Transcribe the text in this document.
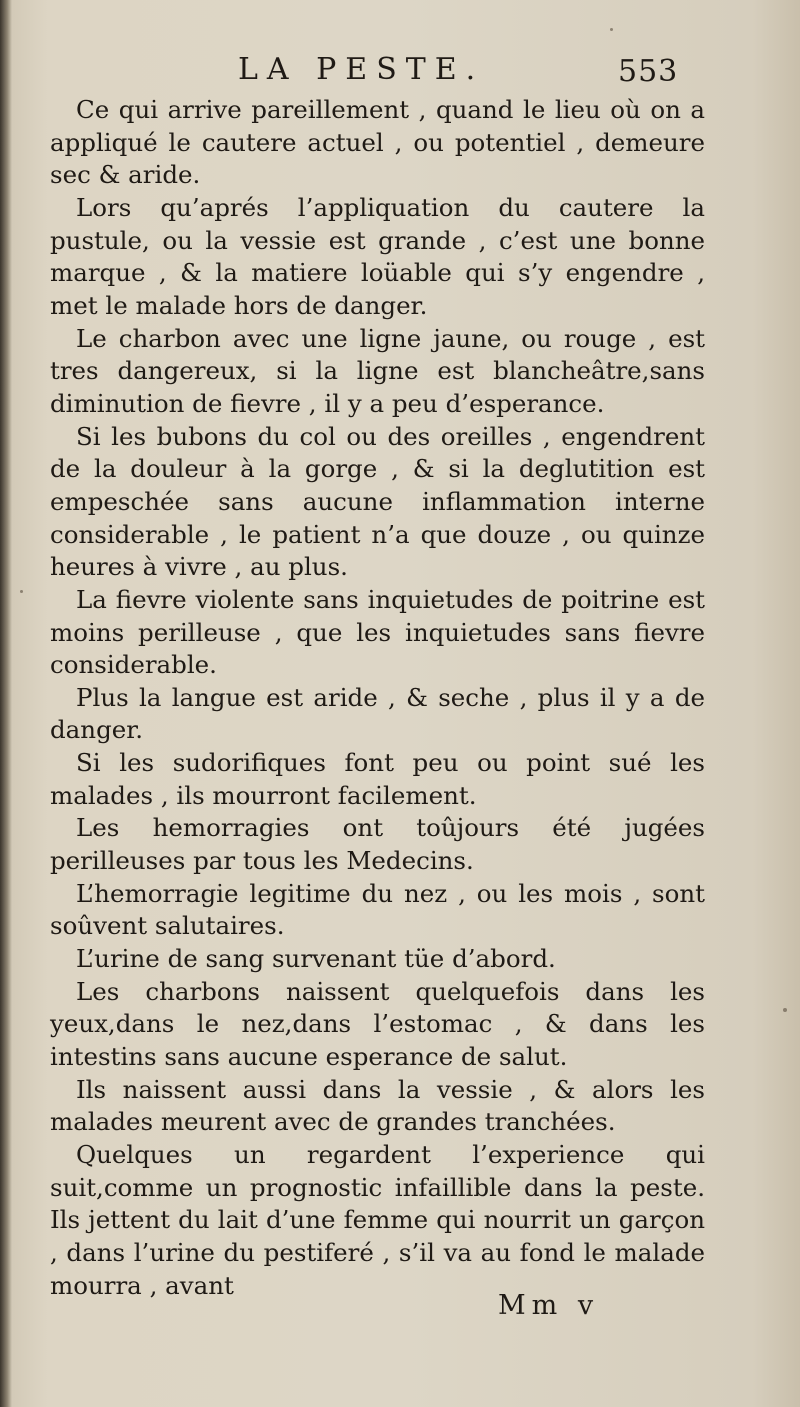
LA PESTE.	553

Ce qui arrive pareillement , quand le lieu où on a appliqué le cautere actuel , ou potentiel , demeure sec & aride.

Lors qu’aprés l’appliquation du cautere la pustule, ou la vessie est grande , c’est une bonne marque , & la matiere loüable qui s’y engendre , met le malade hors de danger.

Le charbon avec une ligne jaune, ou rouge , est tres dangereux, si la ligne est blancheâtre,sans diminution de fievre , il y a peu d’esperance.

Si les bubons du col ou des oreilles , engendrent de la douleur à la gorge , & si la deglutition est empeschée sans aucune inflammation interne considerable , le patient n’a que douze , ou quinze heures à vivre , au plus.

La fievre violente sans inquietudes de poitrine est moins perilleuse , que les inquietudes sans fievre considerable.

Plus la langue est aride , & seche , plus il y a de danger.

Si les sudorifiques font peu ou point sué les malades , ils mourront facilement.

Les hemorragies ont toûjours été jugées perilleuses par tous les Medecins.

L’hemorragie legitime du nez , ou les mois , sont soûvent salutaires.

L’urine de sang survenant tüe d’abord.

Les charbons naissent quelquefois dans les yeux,dans le nez,dans l’estomac , & dans les intestins sans aucune esperance de salut.

Ils naissent aussi dans la vessie , & alors les malades meurent avec de grandes tranchées.

Quelques un regardent l’experience qui suit,comme un prognostic infaillible dans la peste. Ils jettent du lait d’une femme qui nourrit un garçon , dans l’urine du pestiferé , s’il va au fond le malade mourra , avant

Mm v
